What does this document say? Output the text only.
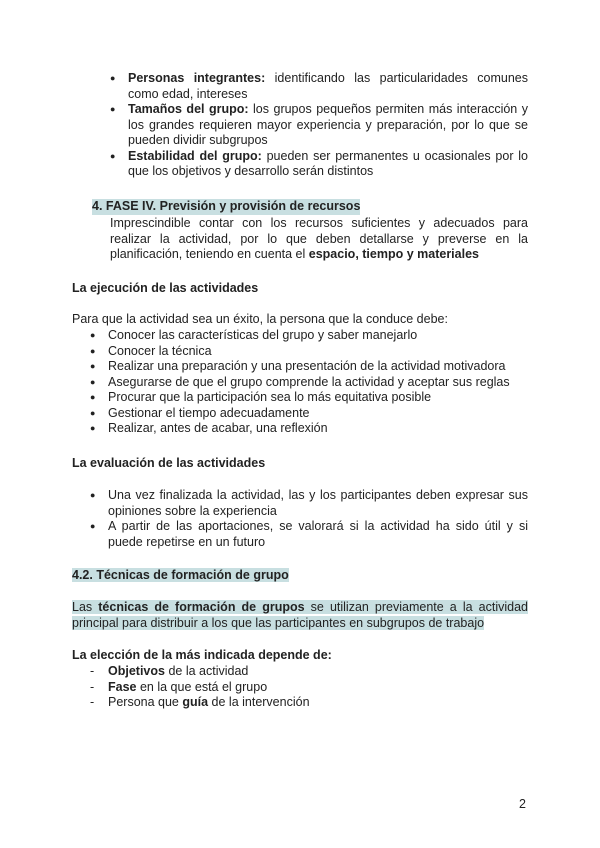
● Personas integrantes: identificando las particularidades comunes como edad, intereses
● Tamaños del grupo: los grupos pequeños permiten más interacción y los grandes requieren mayor experiencia y preparación, por lo que se pueden dividir subgrupos
● Estabilidad del grupo: pueden ser permanentes u ocasionales por lo que los objetivos y desarrollo serán distintos
4. FASE IV. Previsión y provisión de recursos
Imprescindible contar con los recursos suficientes y adecuados para realizar la actividad, por lo que deben detallarse y preverse en la planificación, teniendo en cuenta el espacio, tiempo y materiales
La ejecución de las actividades
Para que la actividad sea un éxito, la persona que la conduce debe:
● Conocer las características del grupo y saber manejarlo
● Conocer la técnica
● Realizar una preparación y una presentación de la actividad motivadora
● Asegurarse de que el grupo comprende la actividad y aceptar sus reglas
● Procurar que la participación sea lo más equitativa posible
● Gestionar el tiempo adecuadamente
● Realizar, antes de acabar, una reflexión
La evaluación de las actividades
● Una vez finalizada la actividad, las y los participantes deben expresar sus opiniones sobre la experiencia
● A partir de las aportaciones, se valorará si la actividad ha sido útil y si puede repetirse en un futuro
4.2. Técnicas de formación de grupo
Las técnicas de formación de grupos se utilizan previamente a la actividad principal para distribuir a los que las participantes en subgrupos de trabajo
La elección de la más indicada depende de:
- Objetivos de la actividad
- Fase en la que está el grupo
- Persona que guía de la intervención
2
